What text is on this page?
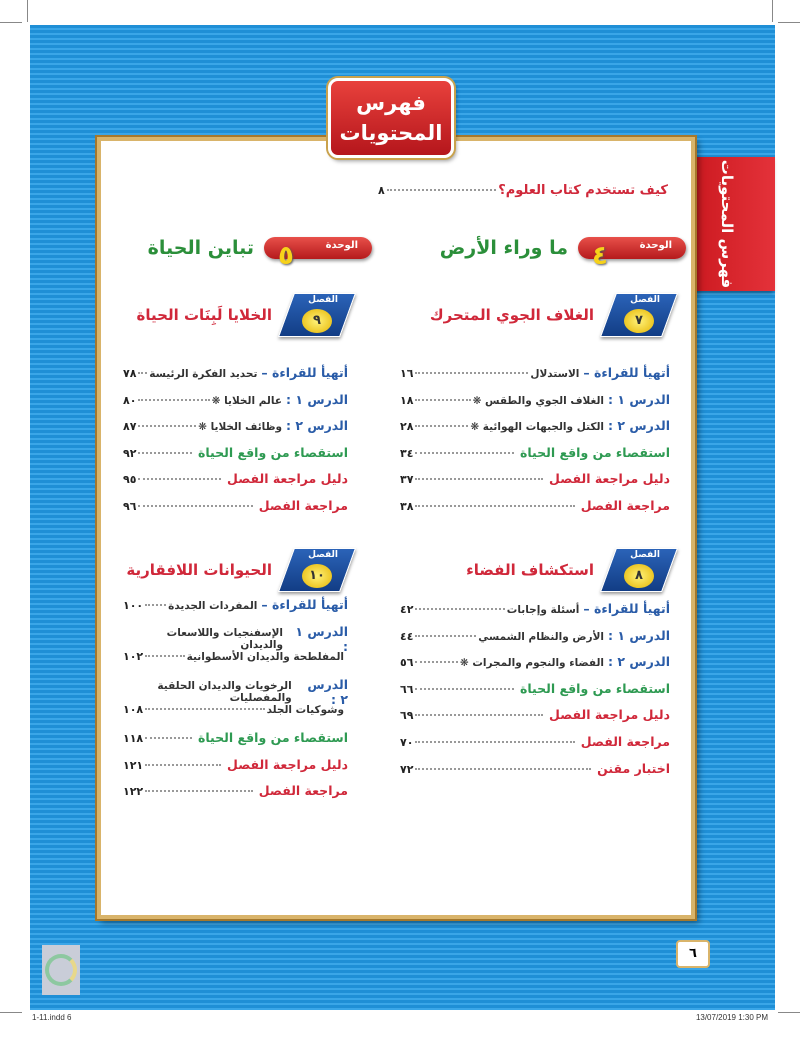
فهرس المحتويات
فهرس
المحتويات
كيف تستخدم كتاب العلوم؟
٨
الوحدة
٤
ما وراء الأرض
الوحدة
٥
تباين الحياة
الفصل
٧
الغلاف الجوي المتحرك
أتهيأ للقراءة –
الاستدلال
١٦
الدرس ١ :
الغلاف الجوي والطقس ❋
١٨
الدرس ٢ :
الكتل والجبهات الهوائية ❋
٢٨
استقصاء من واقع الحياة
٣٤
دليل مراجعة الفصل
٣٧
مراجعة الفصل
٣٨
الفصل
٩
الخلايا لَبِنَات الحياة
أتهيأ للقراءة –
تحديد الفكرة الرئيسة
٧٨
الدرس ١ :
عالم الخلايا ❋
٨٠
الدرس ٢ :
وظائف الخلايا ❋
٨٧
استقصاء من واقع الحياة
٩٢
دليل مراجعة الفصل
٩٥
مراجعة الفصل
٩٦
الفصل
٨
استكشاف الفضاء
أتهيأ للقراءة –
أسئلة وإجابات
٤٢
الدرس ١ :
الأرض والنظام الشمسي
٤٤
الدرس ٢ :
الفضاء والنجوم والمجرات ❋
٥٦
استقصاء من واقع الحياة
٦٦
دليل مراجعة الفصل
٦٩
مراجعة الفصل
٧٠
اختبار مقنن
٧٢
الفصل
١٠
الحيوانات اللافقارية
أتهيأ للقراءة –
المفردات الجديدة
١٠٠
الدرس ١ :
الإسفنجيات واللاسعات والديدان
المفلطحة والديدان الأسطوانية
١٠٢
الدرس ٢ :
الرخويات والديدان الحلقية والمفصليات
وشوكيات الجلد
١٠٨
استقصاء من واقع الحياة
١١٨
دليل مراجعة الفصل
١٢١
مراجعة الفصل
١٢٢
٦
1-11.indd 6	13/07/2019 1:30 PM
